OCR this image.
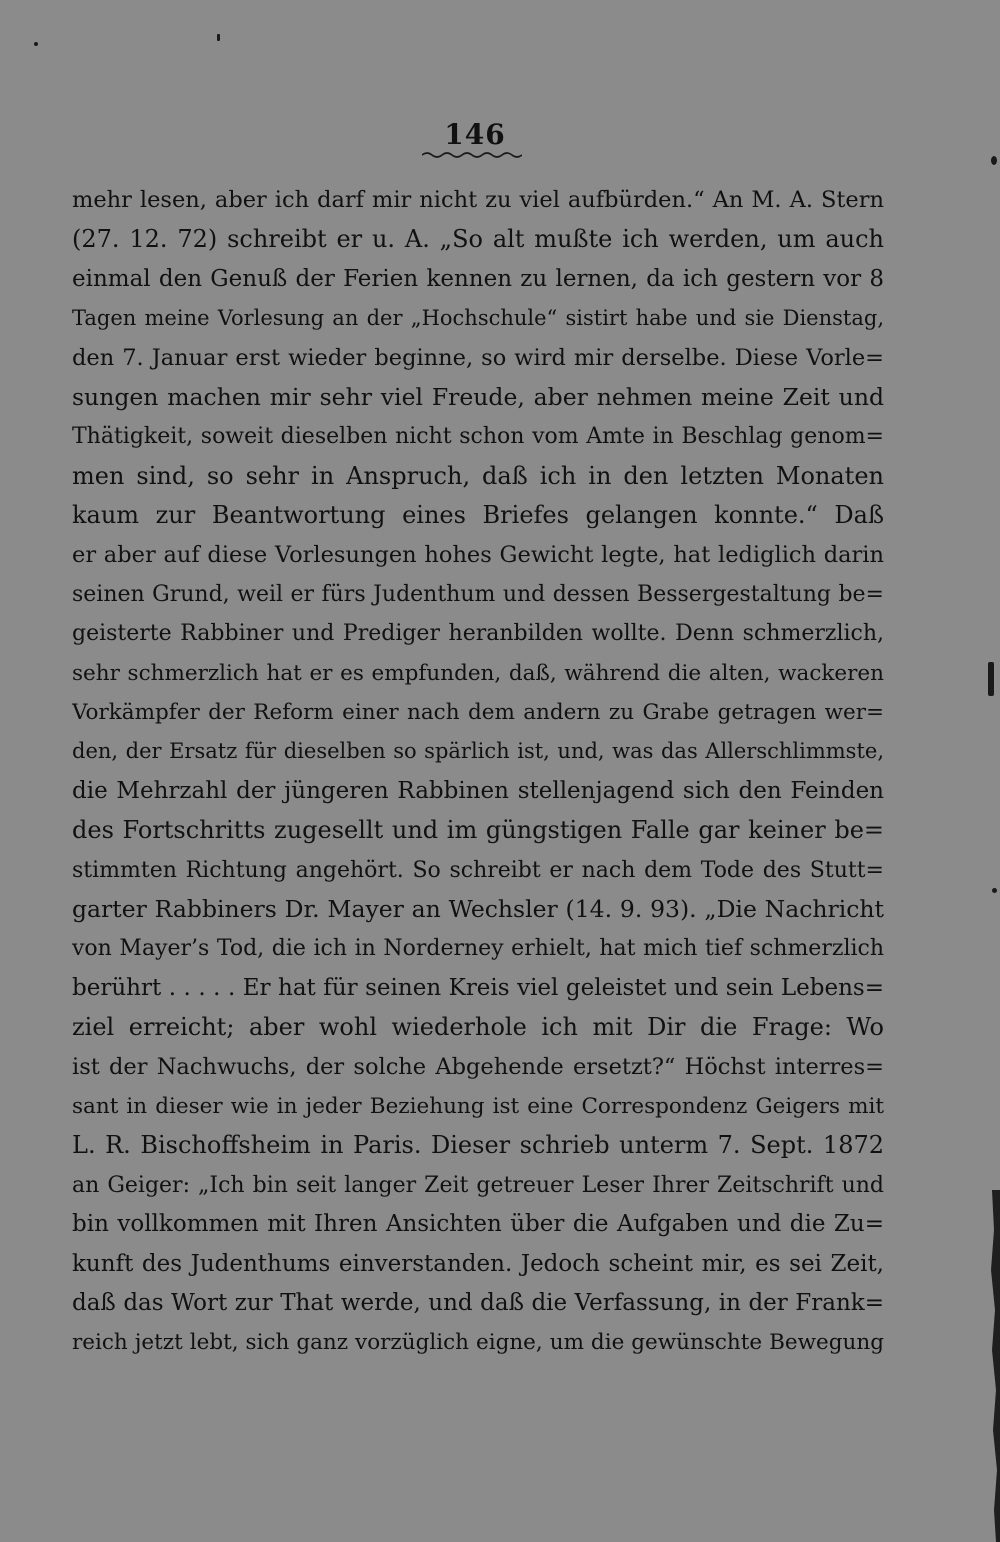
146
mehr lesen, aber ich darf mir nicht zu viel aufbürden.“ An M. A. Stern
(27. 12. 72) schreibt er u. A. „So alt mußte ich werden, um auch
einmal den Genuß der Ferien kennen zu lernen, da ich gestern vor 8
Tagen meine Vorlesung an der „Hochschule“ sistirt habe und sie Dienstag,
den 7. Januar erst wieder beginne, so wird mir derselbe. Diese Vorle=
sungen machen mir sehr viel Freude, aber nehmen meine Zeit und
Thätigkeit, soweit dieselben nicht schon vom Amte in Beschlag genom=
men sind, so sehr in Anspruch, daß ich in den letzten Monaten
kaum zur Beantwortung eines Briefes gelangen konnte.“ Daß
er aber auf diese Vorlesungen hohes Gewicht legte, hat lediglich darin
seinen Grund, weil er fürs Judenthum und dessen Bessergestaltung be=
geisterte Rabbiner und Prediger heranbilden wollte. Denn schmerzlich,
sehr schmerzlich hat er es empfunden, daß, während die alten, wackeren
Vorkämpfer der Reform einer nach dem andern zu Grabe getragen wer=
den, der Ersatz für dieselben so spärlich ist, und, was das Allerschlimmste,
die Mehrzahl der jüngeren Rabbinen stellenjagend sich den Feinden
des Fortschritts zugesellt und im güngstigen Falle gar keiner be=
stimmten Richtung angehört. So schreibt er nach dem Tode des Stutt=
garter Rabbiners Dr. Mayer an Wechsler (14. 9. 93). „Die Nachricht
von Mayer’s Tod, die ich in Norderney erhielt, hat mich tief schmerzlich
berührt . . . . . Er hat für seinen Kreis viel geleistet und sein Lebens=
ziel erreicht; aber wohl wiederhole ich mit Dir die Frage: Wo
ist der Nachwuchs, der solche Abgehende ersetzt?“ Höchst interres=
sant in dieser wie in jeder Beziehung ist eine Correspondenz Geigers mit
L. R. Bischoffsheim in Paris. Dieser schrieb unterm 7. Sept. 1872
an Geiger: „Ich bin seit langer Zeit getreuer Leser Ihrer Zeitschrift und
bin vollkommen mit Ihren Ansichten über die Aufgaben und die Zu=
kunft des Judenthums einverstanden. Jedoch scheint mir, es sei Zeit,
daß das Wort zur That werde, und daß die Verfassung, in der Frank=
reich jetzt lebt, sich ganz vorzüglich eigne, um die gewünschte Bewegung
